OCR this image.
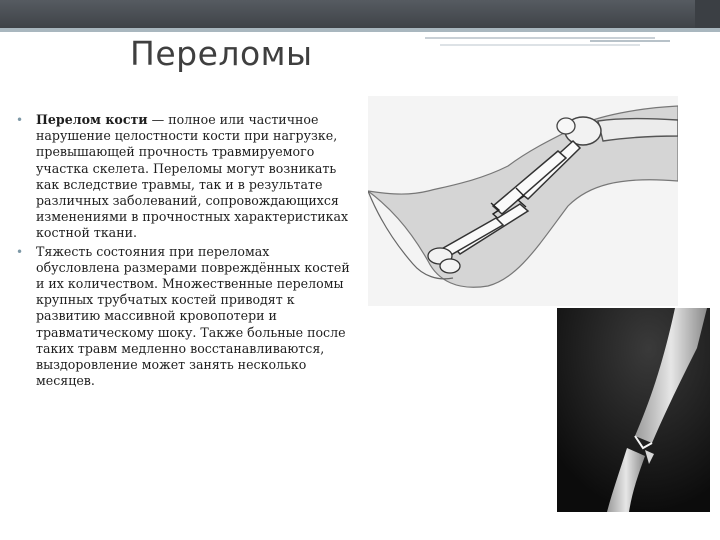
Переломы
• Перелом кости — полное или частичное нарушение целостности кости при нагрузке, превышающей прочность травмируемого участка скелета. Переломы могут возникать как вследствие травмы, так и в результате различных заболеваний, сопровождающихся изменениями в прочностных характеристиках костной ткани.
• Тяжесть состояния при переломах обусловлена размерами повреждённых костей и их количеством. Множественные переломы крупных трубчатых костей приводят к развитию массивной кровопотери и травматическому шоку. Также больные после таких травм медленно восстанавливаются, выздоровление может занять несколько месяцев.
